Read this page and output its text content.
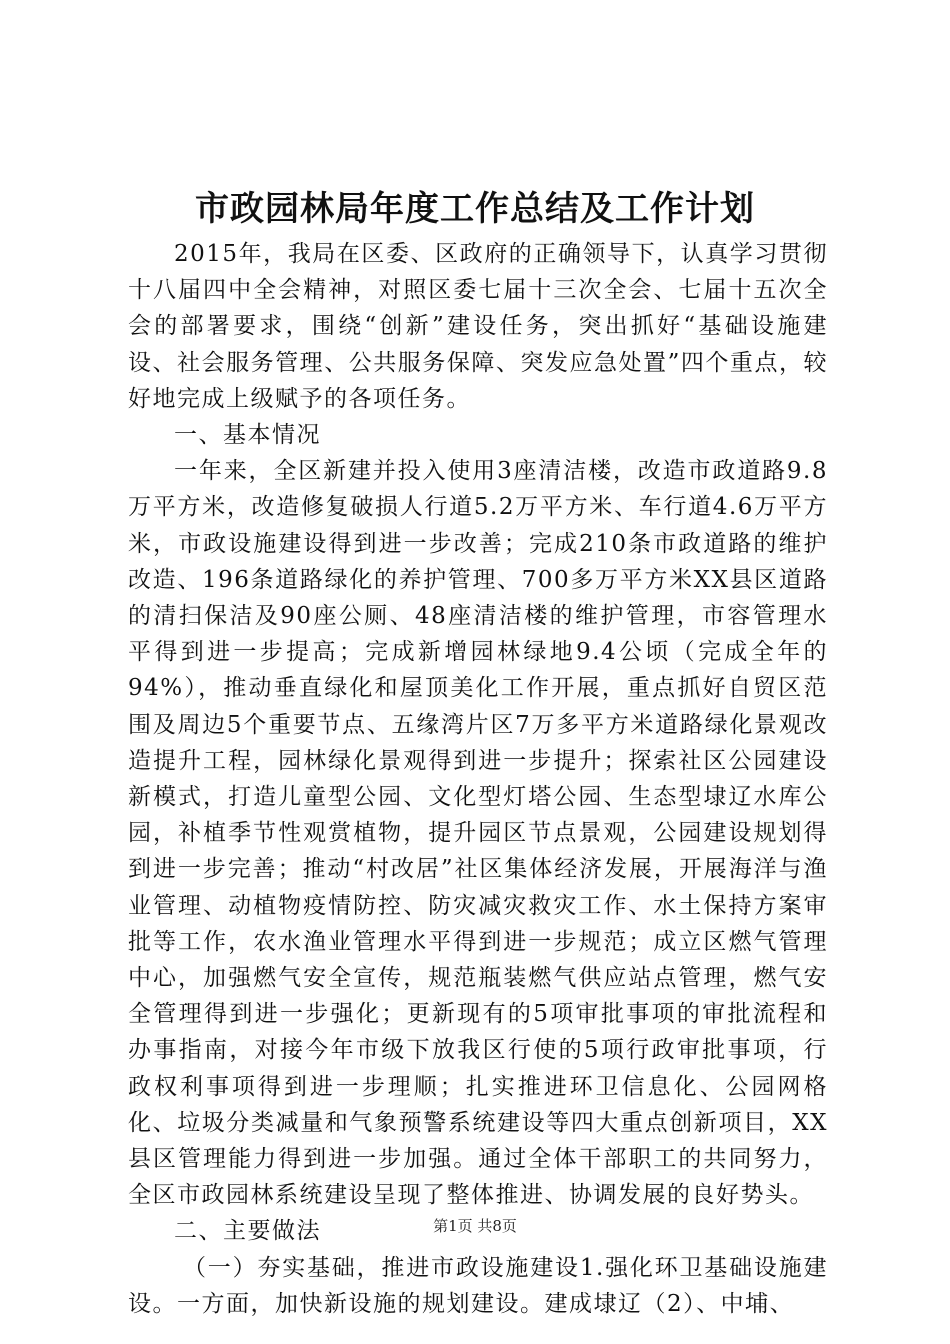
市政园林局年度工作总结及工作计划

2015年，我局在区委、区政府的正确领导下，认真学习贯彻十八届四中全会精神，对照区委七届十三次全会、七届十五次全会的部署要求，围绕“创新”建设任务，突出抓好“基础设施建设、社会服务管理、公共服务保障、突发应急处置”四个重点，较好地完成上级赋予的各项任务。

一、基本情况

一年来，全区新建并投入使用3座清洁楼，改造市政道路9.8万平方米，改造修复破损人行道5.2万平方米、车行道4.6万平方米，市政设施建设得到进一步改善；完成210条市政道路的维护改造、196条道路绿化的养护管理、700多万平方米XX县区道路的清扫保洁及90座公厕、48座清洁楼的维护管理，市容管理水平得到进一步提高；完成新增园林绿地9.4公顷（完成全年的94%），推动垂直绿化和屋顶美化工作开展，重点抓好自贸区范围及周边5个重要节点、五缘湾片区7万多平方米道路绿化景观改造提升工程，园林绿化景观得到进一步提升；探索社区公园建设新模式，打造儿童型公园、文化型灯塔公园、生态型埭辽水库公园，补植季节性观赏植物，提升园区节点景观，公园建设规划得到进一步完善；推动“村改居”社区集体经济发展，开展海洋与渔业管理、动植物疫情防控、防灾减灾救灾工作、水土保持方案审批等工作，农水渔业管理水平得到进一步规范；成立区燃气管理中心，加强燃气安全宣传，规范瓶装燃气供应站点管理，燃气安全管理得到进一步强化；更新现有的5项审批事项的审批流程和办事指南，对接今年市级下放我区行使的5项行政审批事项，行政权利事项得到进一步理顺；扎实推进环卫信息化、公园网格化、垃圾分类减量和气象预警系统建设等四大重点创新项目，XX县区管理能力得到进一步加强。通过全体干部职工的共同努力，全区市政园林系统建设呈现了整体推进、协调发展的良好势头。

二、主要做法

（一）夯实基础，推进市政设施建设1.强化环卫基础设施建设。一方面，加快新设施的规划建设。建成埭辽（2）、中埔、

第1页 共8页
